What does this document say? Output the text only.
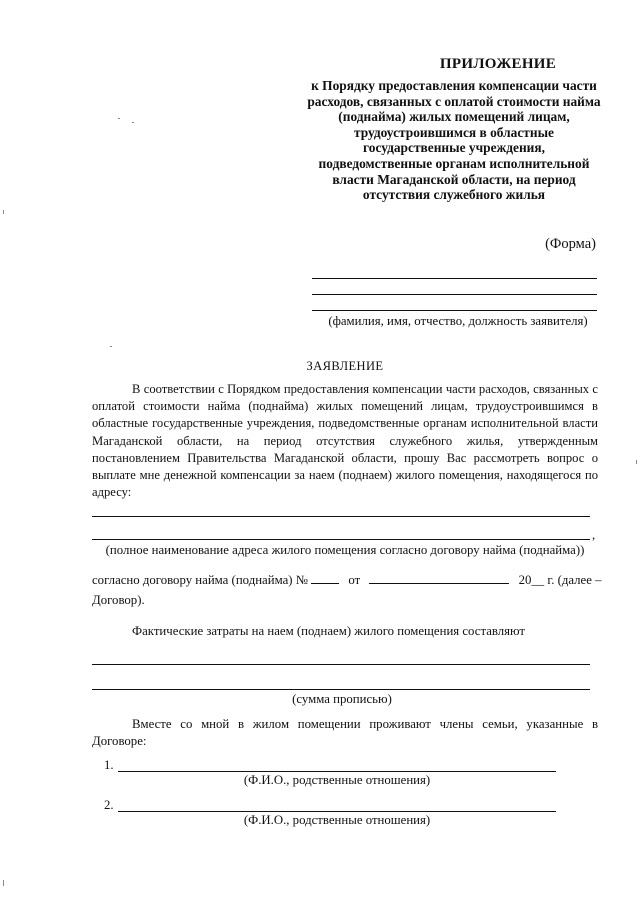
ПРИЛОЖЕНИЕ
к Порядку предоставления компенсации части расходов, связанных с оплатой стоимости найма (поднайма) жилых помещений лицам, трудоустроившимся в областные государственные учреждения, подведомственные органам исполнительной власти Магаданской области, на период отсутствия служебного жилья
(Форма)
(фамилия, имя, отчество, должность заявителя)
ЗАЯВЛЕНИЕ

В соответствии с Порядком предоставления компенсации части расходов, связанных с оплатой стоимости найма (поднайма) жилых помещений лицам, трудоустроившимся в областные государственные учреждения, подведомственные органам исполнительной власти Магаданской области, на период отсутствия служебного жилья, утвержденным постановлением Правительства Магаданской области, прошу Вас рассмотреть вопрос о выплате мне денежной компенсации за наем (поднаем) жилого помещения, находящегося по адресу:

,
(полное наименование адреса жилого помещения согласно договору найма (поднайма))
согласно договору найма (поднайма) №	от	20__ г. (далее –
Договор).
Фактические затраты на наем (поднаем) жилого помещения составляют
(сумма прописью)
Вместе со мной в жилом помещении проживают члены семьи, указанные в Договоре:
1.
(Ф.И.О., родственные отношения)
2.
(Ф.И.О., родственные отношения)
